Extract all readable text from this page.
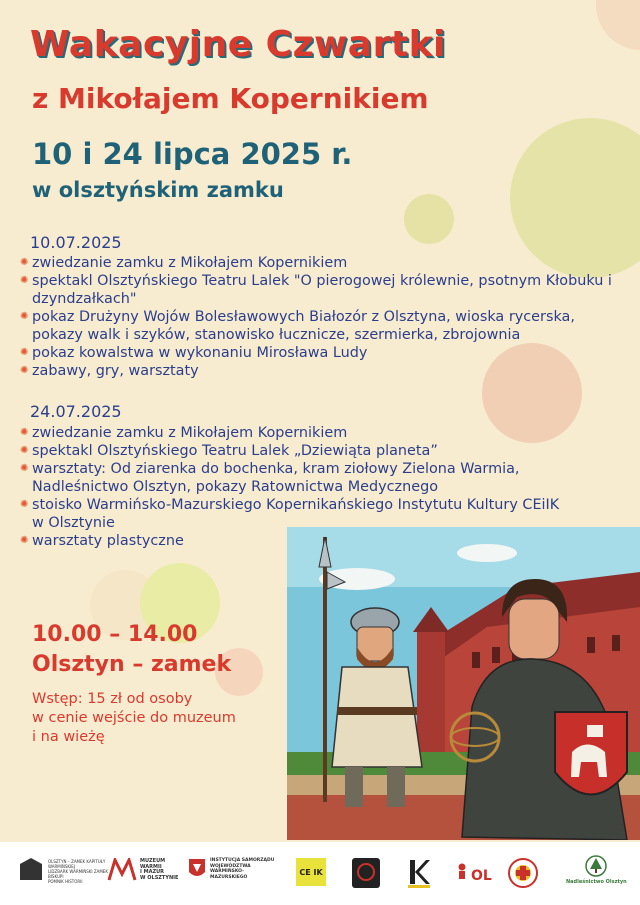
Wakacyjne Czwartki
z Mikołajem Kopernikiem
10 i 24 lipca 2025 r.
w olsztyńskim zamku
10.07.2025
✺ zwiedzanie zamku z Mikołajem Kopernikiem
✺ spektakl Olsztyńskiego Teatru Lalek "O pierogowej królewnie, psotnym Kłobuku i dzyndzałkach"
✺ pokaz Drużyny Wojów Bolesławowych Białozór z Olsztyna, wioska rycerska, pokazy walk i szyków, stanowisko łucznicze, szermierka, zbrojownia
✺ pokaz kowalstwa w wykonaniu Mirosława Ludy
✺ zabawy, gry, warsztaty
24.07.2025
✺ zwiedzanie zamku z Mikołajem Kopernikiem
✺ spektakl Olsztyńskiego Teatru Lalek „Dziewiąta planeta”
✺ warsztaty: Od ziarenka do bochenka, kram ziołowy Zielona Warmia, Nadleśnictwo Olsztyn, pokazy Ratownictwa Medycznego
✺ stoisko Warmińsko-Mazurskiego Kopernikańskiego Instytutu Kultury CEiIK w Olsztynie
✺ warsztaty plastyczne
10.00 – 14.00
Olsztyn – zamek
Wstęp: 15 zł od osoby
w cenie wejście do muzeum
i na wieżę
OLSZTYN – ZAMEK KAPITUŁY WARMIŃSKIEJ
LIDZBARK WARMIŃSKI ZAMEK BISKUPI
POMNIK HISTORII
MUZEUM
WARMII
I MAZUR
W OLSZTYNIE
INSTYTUCJA SAMORZĄDU WOJEWÓDZTWA WARMIŃSKO-MAZURSKIEGO
CE IK	OL	Nadleśnictwo Olsztyn
